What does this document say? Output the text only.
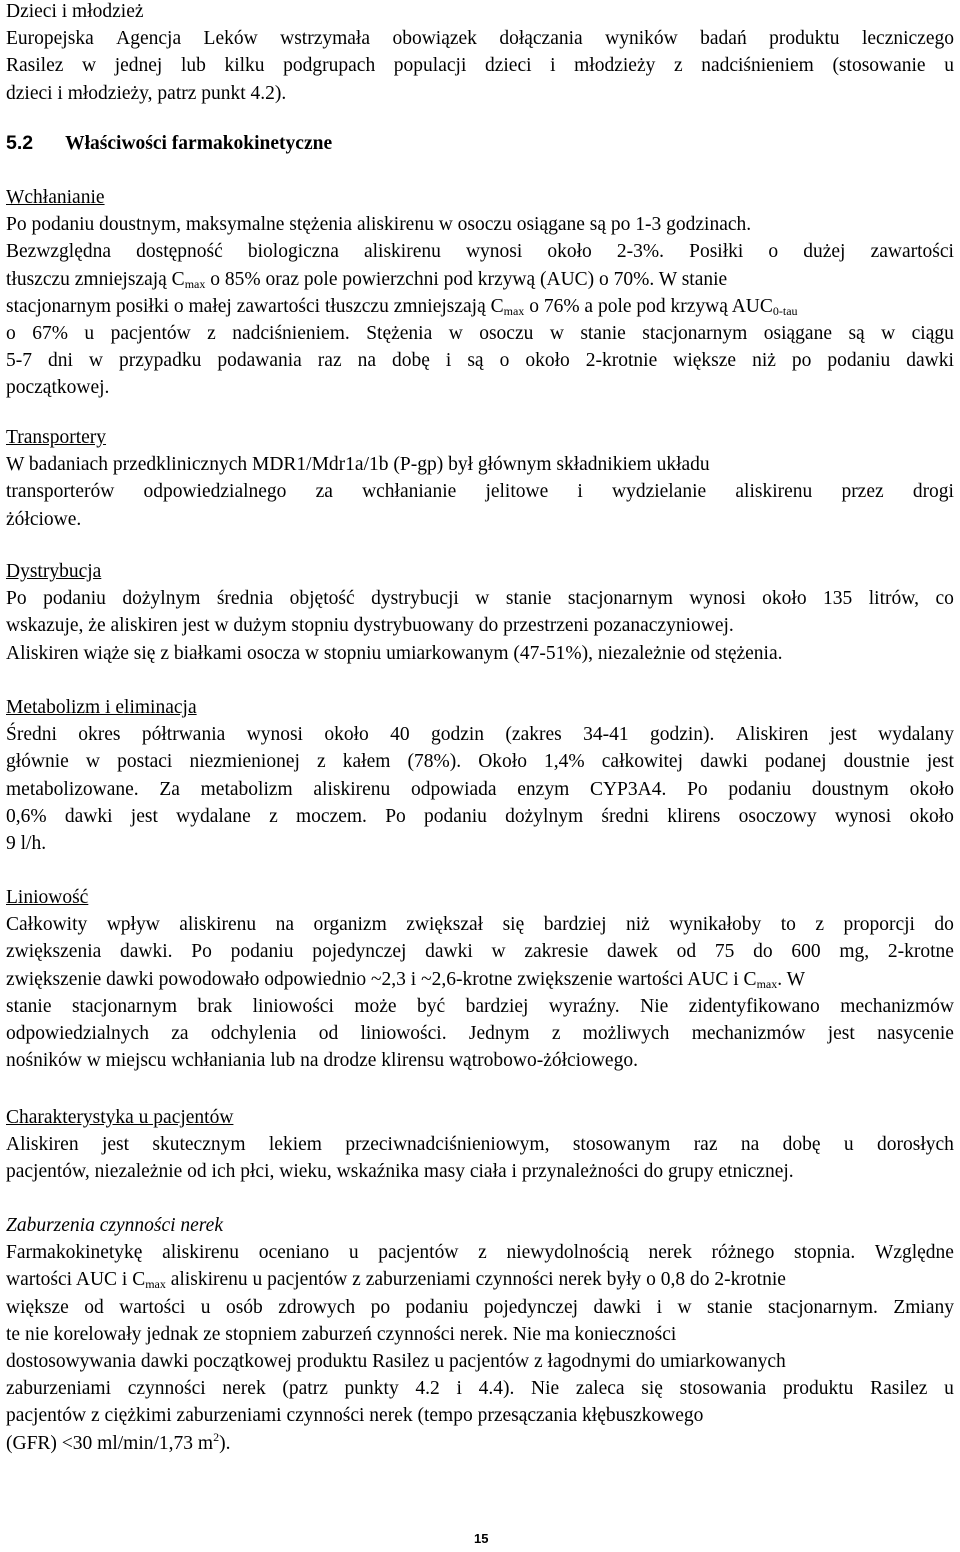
Dzieci i młodzież
Europejska Agencja Leków wstrzymała obowiązek dołączania wyników badań produktu leczniczego
Rasilez w jednej lub kilku podgrupach populacji dzieci i młodzieży z nadciśnieniem (stosowanie u
dzieci i młodzieży, patrz punkt 4.2).
5.2 Właściwości farmakokinetyczne
Wchłanianie
Po podaniu doustnym, maksymalne stężenia aliskirenu w osoczu osiągane są po 1-3 godzinach.
Bezwzględna dostępność biologiczna aliskirenu wynosi około 2-3%. Posiłki o dużej zawartości
tłuszczu zmniejszają $C_{max}$ o 85% oraz pole powierzchni pod krzywą (AUC) o 70%. W stanie
stacjonarnym posiłki o małej zawartości tłuszczu zmniejszają $C_{max}$ o 76% a pole pod krzywą $AUC_{0-tau}$
o 67% u pacjentów z nadciśnieniem. Stężenia w osoczu w stanie stacjonarnym osiągane są w ciągu
5-7 dni w przypadku podawania raz na dobę i są o około 2-krotnie większe niż po podaniu dawki
początkowej.
Transportery
W badaniach przedklinicznych MDR1/Mdr1a/1b (P-gp) był głównym składnikiem układu
transporterów odpowiedzialnego za wchłanianie jelitowe i wydzielanie aliskirenu przez drogi
żółciowe.
Dystrybucja
Po podaniu dożylnym średnia objętość dystrybucji w stanie stacjonarnym wynosi około 135 litrów, co
wskazuje, że aliskiren jest w dużym stopniu dystrybuowany do przestrzeni pozanaczyniowej.
Aliskiren wiąże się z białkami osocza w stopniu umiarkowanym (47-51%), niezależnie od stężenia.
Metabolizm i eliminacja
Średni okres półtrwania wynosi około 40 godzin (zakres 34-41 godzin). Aliskiren jest wydalany
głównie w postaci niezmienionej z kałem (78%). Około 1,4% całkowitej dawki podanej doustnie jest
metabolizowane. Za metabolizm aliskirenu odpowiada enzym CYP3A4. Po podaniu doustnym około
0,6% dawki jest wydalane z moczem. Po podaniu dożylnym średni klirens osoczowy wynosi około
9 l/h.
Liniowość
Całkowity wpływ aliskirenu na organizm zwiększał się bardziej niż wynikałoby to z proporcji do
zwiększenia dawki. Po podaniu pojedynczej dawki w zakresie dawek od 75 do 600 mg, 2-krotne
zwiększenie dawki powodowało odpowiednio ~2,3 i ~2,6-krotne zwiększenie wartości AUC i $C_{max}$. W
stanie stacjonarnym brak liniowości może być bardziej wyraźny. Nie zidentyfikowano mechanizmów
odpowiedzialnych za odchylenia od liniowości. Jednym z możliwych mechanizmów jest nasycenie
nośników w miejscu wchłaniania lub na drodze klirensu wątrobowo-żółciowego.
Charakterystyka u pacjentów
Aliskiren jest skutecznym lekiem przeciwnadciśnieniowym, stosowanym raz na dobę u dorosłych
pacjentów, niezależnie od ich płci, wieku, wskaźnika masy ciała i przynależności do grupy etnicznej.
Zaburzenia czynności nerek
Farmakokinetykę aliskirenu oceniano u pacjentów z niewydolnością nerek różnego stopnia. Względne
wartości AUC i $C_{max}$ aliskirenu u pacjentów z zaburzeniami czynności nerek były o 0,8 do 2-krotnie
większe od wartości u osób zdrowych po podaniu pojedynczej dawki i w stanie stacjonarnym. Zmiany
te nie korelowały jednak ze stopniem zaburzeń czynności nerek. Nie ma konieczności
dostosowywania dawki początkowej produktu Rasilez u pacjentów z łagodnymi do umiarkowanych
zaburzeniami czynności nerek (patrz punkty 4.2 i 4.4). Nie zaleca się stosowania produktu Rasilez u
pacjentów z ciężkimi zaburzeniami czynności nerek (tempo przesączania kłębuszkowego
(GFR) <30 ml/min/1,73 $m^2$).
15
